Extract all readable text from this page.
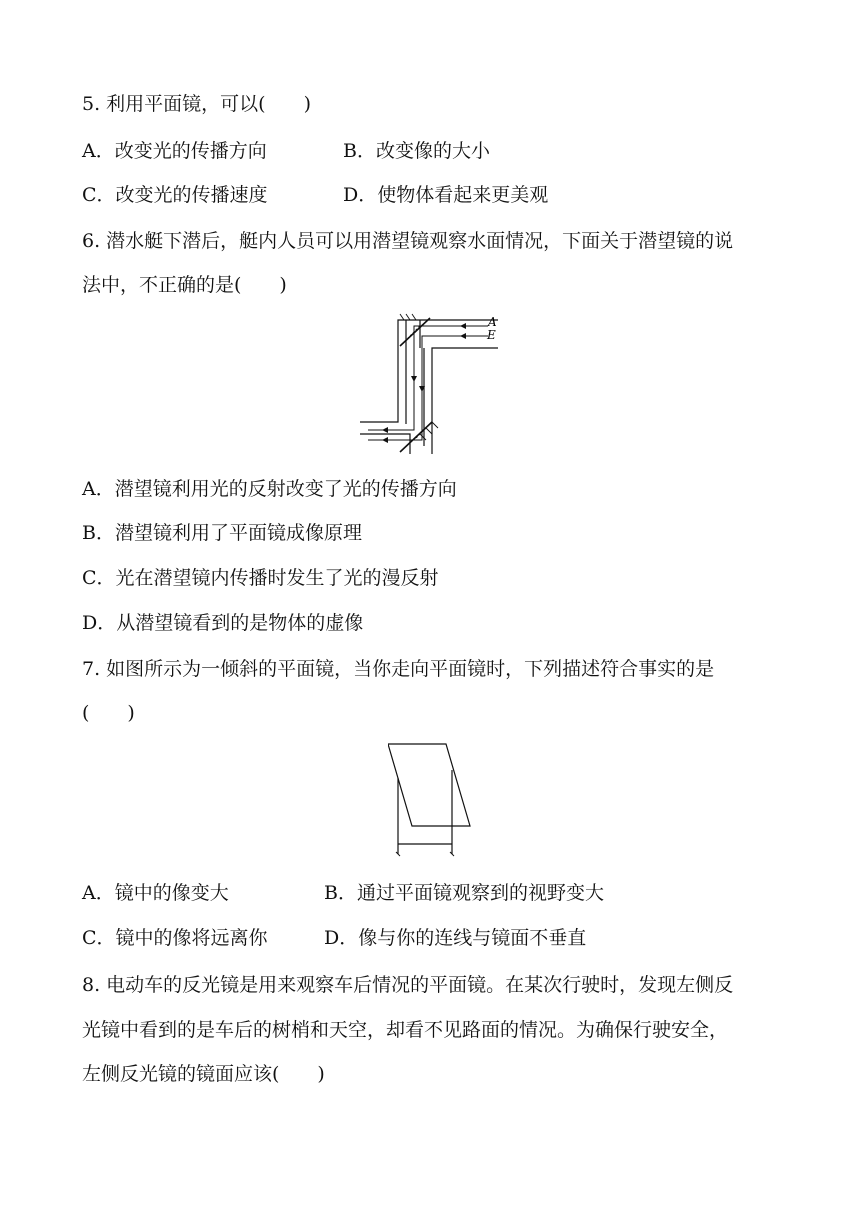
5. 利用平面镜，可以(　　)
A．改变光的传播方向	B．改变像的大小
C．改变光的传播速度	D．使物体看起来更美观
6. 潜水艇下潜后，艇内人员可以用潜望镜观察水面情况，下面关于潜望镜的说
法中，不正确的是(　　)
A
E
A．潜望镜利用光的反射改变了光的传播方向
B．潜望镜利用了平面镜成像原理
C．光在潜望镜内传播时发生了光的漫反射
D．从潜望镜看到的是物体的虚像
7. 如图所示为一倾斜的平面镜，当你走向平面镜时，下列描述符合事实的是
(　　)
A．镜中的像变大	B．通过平面镜观察到的视野变大
C．镜中的像将远离你	D．像与你的连线与镜面不垂直
8. 电动车的反光镜是用来观察车后情况的平面镜。在某次行驶时，发现左侧反
光镜中看到的是车后的树梢和天空，却看不见路面的情况。为确保行驶安全，
左侧反光镜的镜面应该(　　)
